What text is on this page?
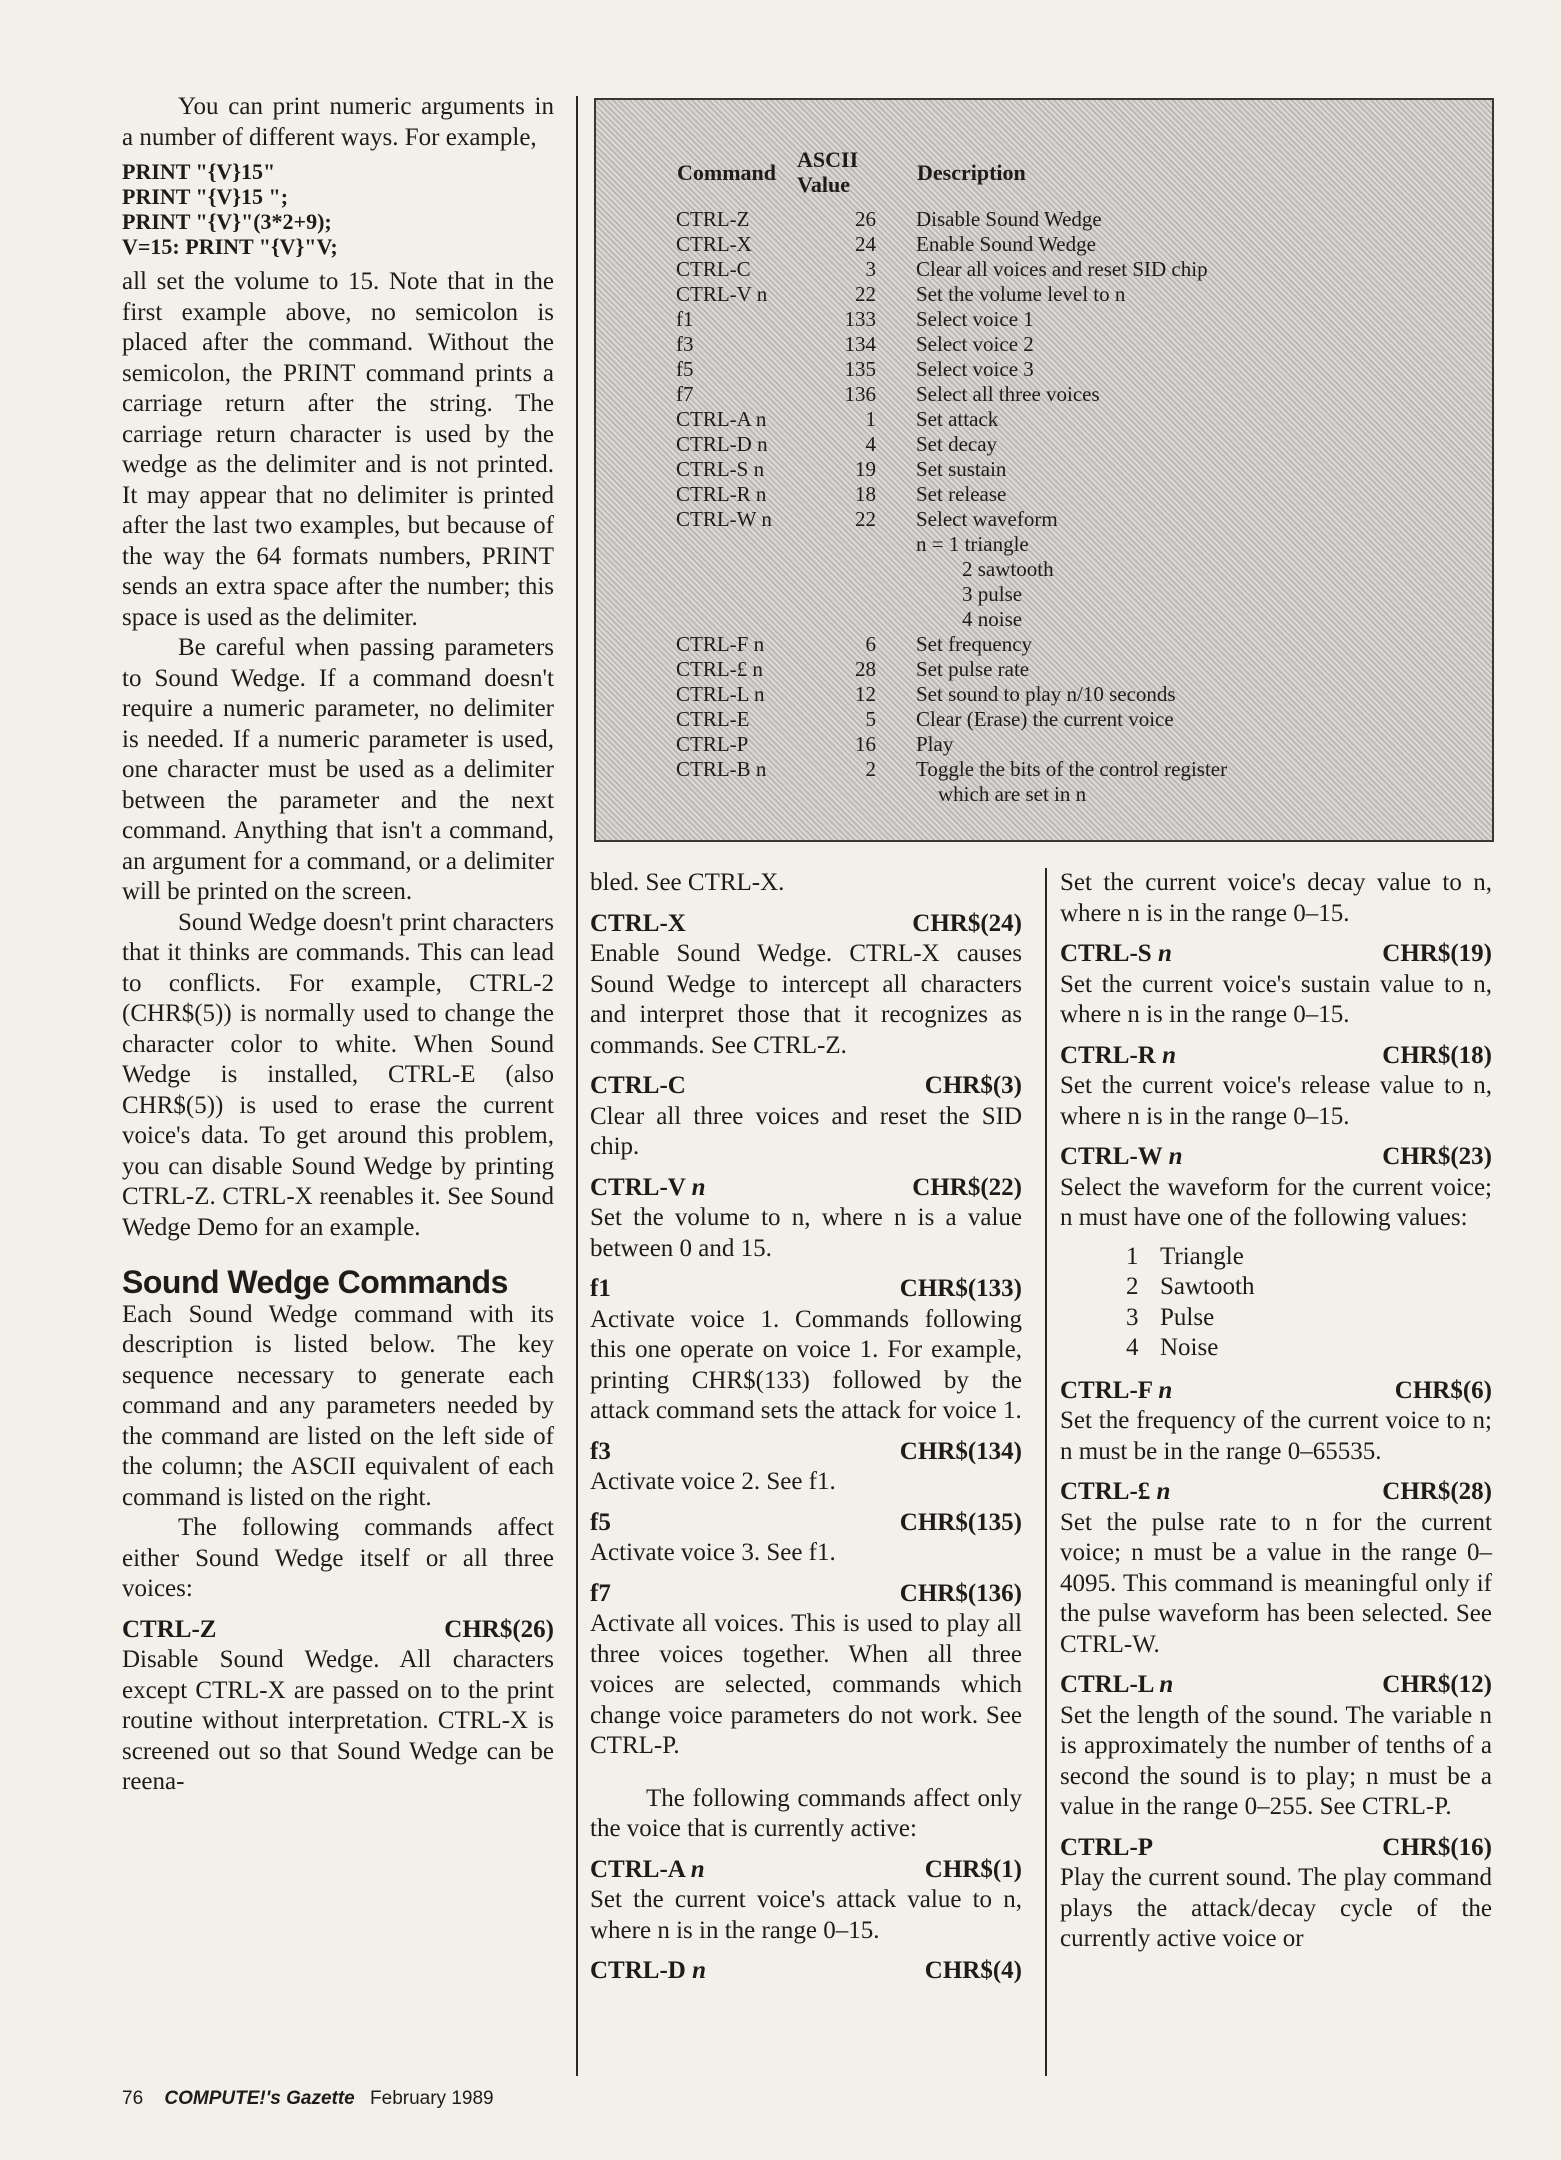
You can print numeric arguments in a number of different ways. For example,

PRINT "{V}15"
PRINT "{V}15 ";
PRINT "{V}"(3*2+9);
V=15: PRINT "{V}"V;

all set the volume to 15. Note that in the first example above, no semicolon is placed after the command. Without the semicolon, the PRINT command prints a carriage return after the string. The carriage return character is used by the wedge as the delimiter and is not printed. It may appear that no delimiter is printed after the last two examples, but because of the way the 64 formats numbers, PRINT sends an extra space after the number; this space is used as the delimiter.

Be careful when passing parameters to Sound Wedge. If a command doesn't require a numeric parameter, no delimiter is needed. If a numeric parameter is used, one character must be used as a delimiter between the parameter and the next command. Anything that isn't a command, an argument for a command, or a delimiter will be printed on the screen.

Sound Wedge doesn't print characters that it thinks are commands. This can lead to conflicts. For example, CTRL-2 (CHR$(5)) is normally used to change the character color to white. When Sound Wedge is installed, CTRL-E (also CHR$(5)) is used to erase the current voice's data. To get around this problem, you can disable Sound Wedge by printing CTRL-Z. CTRL-X reenables it. See Sound Wedge Demo for an example.

Sound Wedge Commands

Each Sound Wedge command with its description is listed below. The key sequence necessary to generate each command and any parameters needed by the command are listed on the left side of the column; the ASCII equivalent of each command is listed on the right.

The following commands affect either Sound Wedge itself or all three voices:

CTRL-Z	CHR$(26)

Disable Sound Wedge. All characters except CTRL-X are passed on to the print routine without interpretation. CTRL-X is screened out so that Sound Wedge can be reena-

Command	ASCII Value	Description
CTRL-Z	26	Disable Sound Wedge
CTRL-X	24	Enable Sound Wedge
CTRL-C	3	Clear all voices and reset SID chip
CTRL-V n	22	Set the volume level to n
f1	133	Select voice 1
f3	134	Select voice 2
f5	135	Select voice 3
f7	136	Select all three voices
CTRL-A n	1	Set attack
CTRL-D n	4	Set decay
CTRL-S n	19	Set sustain
CTRL-R n	18	Set release
CTRL-W n	22	Select waveform
		n = 1 triangle
		2 sawtooth
		3 pulse
		4 noise

CTRL-F n	6	Set frequency
CTRL-£ n	28	Set pulse rate
CTRL-L n	12	Set sound to play n/10 seconds
CTRL-E	5	Clear (Erase) the current voice
CTRL-P	16	Play
CTRL-B n	2	Toggle the bits of the control register
		which are set in n

bled. See CTRL-X.

CTRL-X	CHR$(24)

Enable Sound Wedge. CTRL-X causes Sound Wedge to intercept all characters and interpret those that it recognizes as commands. See CTRL-Z.

CTRL-C	CHR$(3)

Clear all three voices and reset the SID chip.

CTRL-V n	CHR$(22)

Set the volume to n, where n is a value between 0 and 15.

f1	CHR$(133)

Activate voice 1. Commands following this one operate on voice 1. For example, printing CHR$(133) followed by the attack command sets the attack for voice 1.

f3	CHR$(134)

Activate voice 2. See f1.

f5	CHR$(135)

Activate voice 3. See f1.

f7	CHR$(136)

Activate all voices. This is used to play all three voices together. When all three voices are selected, commands which change voice parameters do not work. See CTRL-P.

The following commands affect only the voice that is currently active:

CTRL-A n	CHR$(1)

Set the current voice's attack value to n, where n is in the range 0–15.

CTRL-D n	CHR$(4)

Set the current voice's decay value to n, where n is in the range 0–15.

CTRL-S n	CHR$(19)

Set the current voice's sustain value to n, where n is in the range 0–15.

CTRL-R n	CHR$(18)

Set the current voice's release value to n, where n is in the range 0–15.

CTRL-W n	CHR$(23)

Select the waveform for the current voice; n must have one of the following values:

1 Triangle
2 Sawtooth
3 Pulse
4 Noise
CTRL-F n	CHR$(6)

Set the frequency of the current voice to n; n must be in the range 0–65535.

CTRL-£ n	CHR$(28)

Set the pulse rate to n for the current voice; n must be a value in the range 0–4095. This command is meaningful only if the pulse waveform has been selected. See CTRL-W.

CTRL-L n	CHR$(12)

Set the length of the sound. The variable n is approximately the number of tenths of a second the sound is to play; n must be a value in the range 0–255. See CTRL-P.

CTRL-P	CHR$(16)

Play the current sound. The play command plays the attack/decay cycle of the currently active voice or

76 COMPUTE!'s Gazette February 1989
